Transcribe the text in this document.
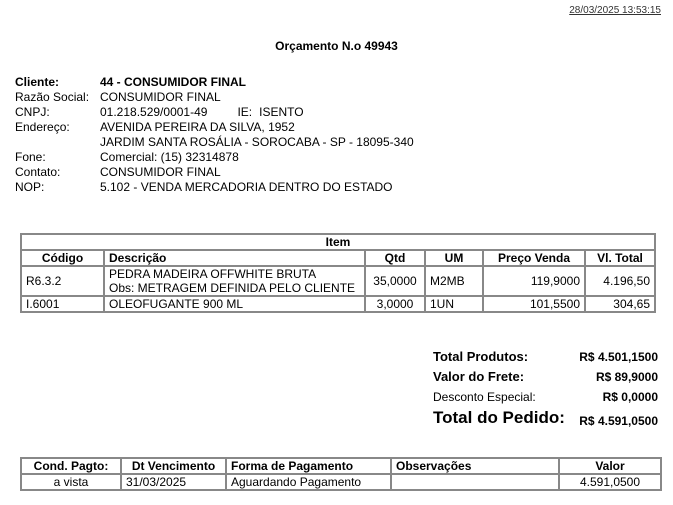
28/03/2025 13:53:15
Orçamento N.o 49943
Cliente:	44 - CONSUMIDOR FINAL
Razão Social: CONSUMIDOR FINAL
CNPJ:	01.218.529/0001-49	IE: ISENTO
Endereço:	AVENIDA PEREIRA DA SILVA, 1952
JARDIM SANTA ROSÁLIA - SOROCABA - SP - 18095-340
Fone:	Comercial: (15) 32314878
Contato:	CONSUMIDOR FINAL
NOP:	5.102 - VENDA MERCADORIA DENTRO DO ESTADO
Item					
Código	Descrição	Qtd	UM	Preço Venda	Vl. Total
R6.3.2	PEDRA MADEIRA OFFWHITE BRUTA
Obs: METRAGEM DEFINIDA PELO CLIENTE	35,0000	M2MB	119,9000	4.196,50
I.6001	OLEOFUGANTE 900 ML	3,0000	1UN	101,5500	304,65
Total Produtos:	R$ 4.501,1500
Valor do Frete:	R$ 89,9000
Desconto Especial:	R$ 0,0000
Total do Pedido: R$ 4.591,0500
Cond. Pagto:	Dt Vencimento	Forma de Pagamento	Observações	Valor
a vista	31/03/2025	Aguardando Pagamento		4.591,0500
